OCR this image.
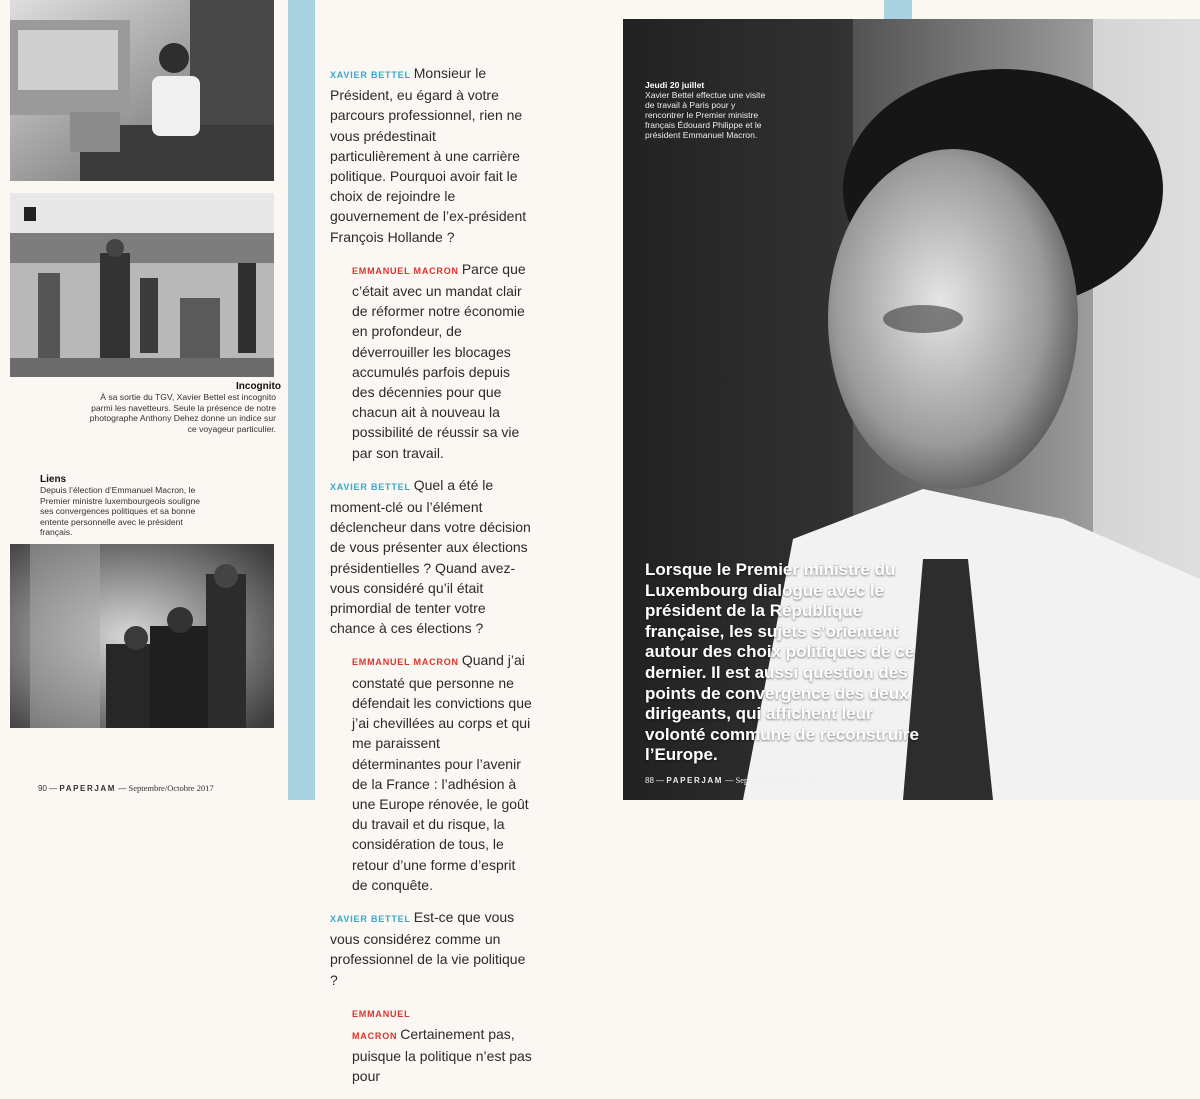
Incognito
À sa sortie du TGV, Xavier Bettel est incognito parmi les navetteurs. Seule la présence de notre photographe Anthony Dehez donne un indice sur ce voyageur particulier.
Liens
Depuis l’élection d’Emmanuel Macron, le Premier ministre luxembourgeois souligne ses convergences politiques et sa bonne entente personnelle avec le président français.
90 — PAPERJAM — Septembre/Octobre 2017

XAVIER BETTEL Monsieur le Président, eu égard à votre parcours professionnel, rien ne vous prédestinait particulièrement à une carrière politique. Pourquoi avoir fait le choix de rejoindre le gouvernement de l’ex-président François Hollande ?

EMMANUEL MACRON Parce que c’était avec un mandat clair de réformer notre économie en profondeur, de déverrouiller les blocages accumulés parfois depuis des décennies pour que chacun ait à nouveau la possibilité de réussir sa vie par son travail.

XAVIER BETTEL Quel a été le moment-clé ou l’élément déclencheur dans votre décision de vous présenter aux élections présidentielles ? Quand avez-vous considéré qu’il était primordial de tenter votre chance à ces élections ?

EMMANUEL MACRON Quand j’ai constaté que personne ne défendait les convictions que j’ai chevillées au corps et qui me paraissent déterminantes pour l’avenir de la France : l’adhésion à une Europe rénovée, le goût du travail et du risque, la considération de tous, le retour d’une forme d’esprit de conquête.

XAVIER BETTEL Est-ce que vous vous considérez comme un professionnel de la vie politique ?

EMMANUEL MACRON Certainement pas, puisque la politique n’est pas pour

Jeudi 20 juillet
Xavier Bettel effectue une visite de travail à Paris pour y rencontrer le Premier ministre français Édouard Philippe et le président Emmanuel Macron.
Lorsque le Premier ministre du Luxembourg dialogue avec le président de la République française, les sujets s’orientent autour des choix politiques de ce dernier. Il est aussi question des points de convergence des deux dirigeants, qui affichent leur volonté commune de reconstruire l’Europe.
88 — PAPERJAM — Septembre/Octobre 2017
